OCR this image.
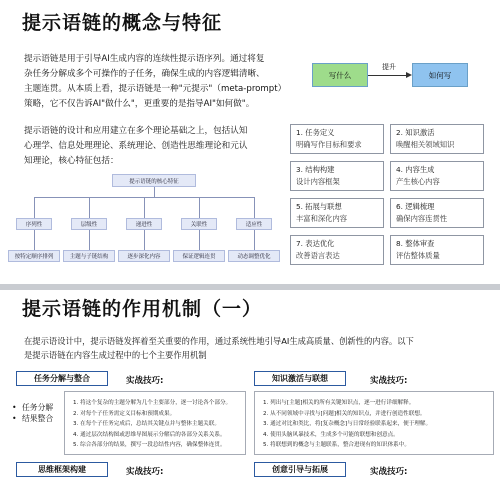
提示语链的概念与特征
提示语链是用于引导AI生成内容的连续性提示语序列。通过将复
杂任务分解成多个可操作的子任务，确保生成的内容逻辑清晰、
主题连贯。从本质上看，提示语链是一种"元提示"（meta-prompt）
策略，它不仅告诉AI"做什么"，更重要的是指导AI"如何做"。
写什么
提升
如何写
提示语链的设计和应用建立在多个理论基础之上，包括认知
心理学、信息处理理论、系统理论、创造性思维理论和元认
知理论，核心特征包括：
提示语链的核心特征
序列性	层级性	递进性	关联性	适应性
按特定顺序排列	主题与子链结构	逐步深化内容	保证逻辑连贯	动态调整优化
1. 任务定义
明确写作目标和要求
2. 知识激活
唤醒相关领域知识
3. 结构构建
设计内容框架
4. 内容生成
产生核心内容
5. 拓展与联想
丰富和深化内容
6. 逻辑梳理
确保内容连贯性
7. 表达优化
改善语言表达
8. 整体审查
评估整体质量
提示语链的作用机制（一）
在提示语设计中，提示语链发挥着至关重要的作用，通过系统性地引导AI生成高质量、创新性的内容。以下
是提示语链在内容生成过程中的七个主要作用机制
任务分解与整合	实战技巧:
• 任务分解
• 结果整合
1. 将这个复杂的主题分解为几个主要部分，逐一讨论各个部分。
2. 对每个子任务需定义目标和预期成果。
3. 在每个子任务完成后，总结其关键点并与整体主题关联。
4. 通过层次结构图或思维导图展示分解后的各部分关系关系。
5. 综合各部分的结果，撰写一段总结性内容，确保整体连贯。
知识激活与联想	实战技巧:
1. 列出与[主题]相关的所有关键知识点，逐一进行详细解释。
2. 从不同领域中寻找与[问题]相关的知识点，并进行创造性联想。
3. 通过对比和类比，将[复杂概念]与日常经验联系起来，便于理解。
4. 使用头脑风暴技术，生成多个可能的联想和创意点。
5. 将联想到的概念与主题联系，整合进现有的知识体系中。
思维框架构建	实战技巧:	创意引导与拓展	实战技巧:
